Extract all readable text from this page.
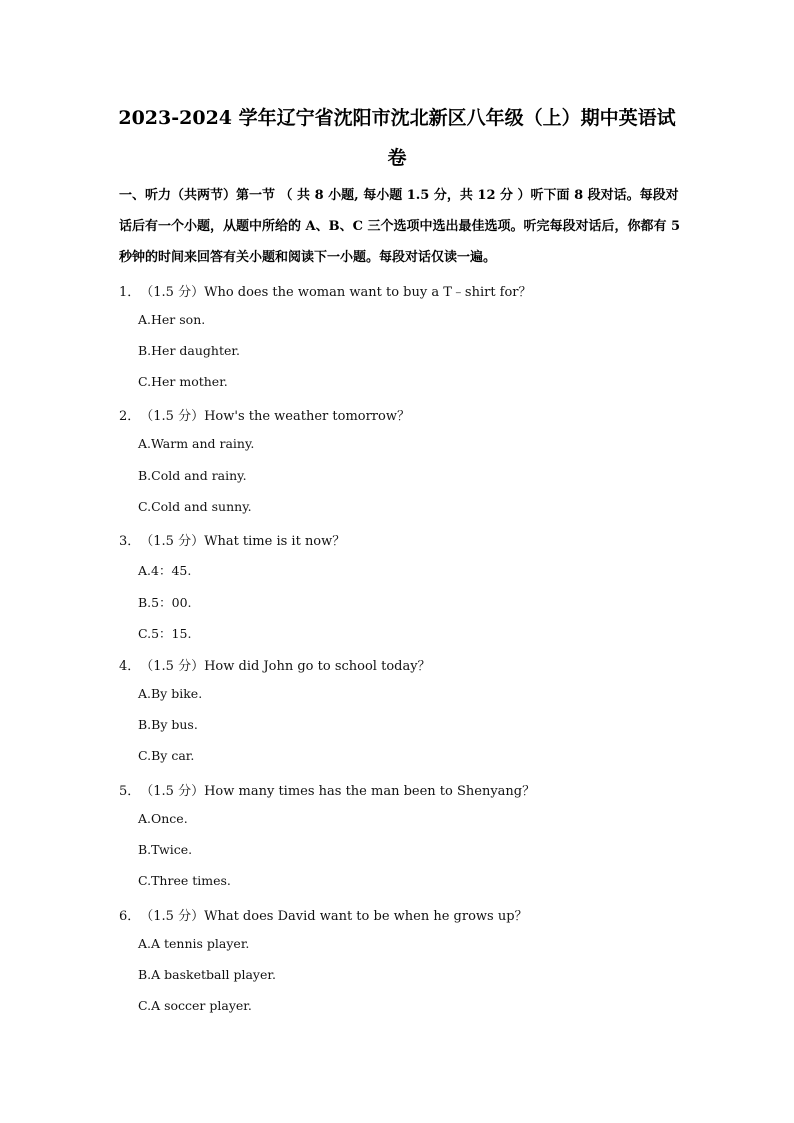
2023-2024 学年辽宁省沈阳市沈北新区八年级（上）期中英语试卷
一、听力（共两节）第一节 （ 共 8 小题, 每小题 1.5 分，共 12 分 ）听下面 8 段对话。每段对话后有一个小题，从题中所给的 A、B、C 三个选项中选出最佳选项。听完每段对话后，你都有 5 秒钟的时间来回答有关小题和阅读下一小题。每段对话仅读一遍。
1．（1.5 分）Who does the woman want to buy a T﹣shirt for？
A.Her son.
B.Her daughter.
C.Her mother.
2．（1.5 分）How's the weather tomorrow？
A.Warm and rainy.
B.Cold and rainy.
C.Cold and sunny.
3．（1.5 分）What time is it now？
A.4：45.
B.5：00.
C.5：15.
4．（1.5 分）How did John go to school today？
A.By bike.
B.By bus.
C.By car.
5．（1.5 分）How many times has the man been to Shenyang？
A.Once.
B.Twice.
C.Three times.
6．（1.5 分）What does David want to be when he grows up？
A.A tennis player.
B.A basketball player.
C.A soccer player.
